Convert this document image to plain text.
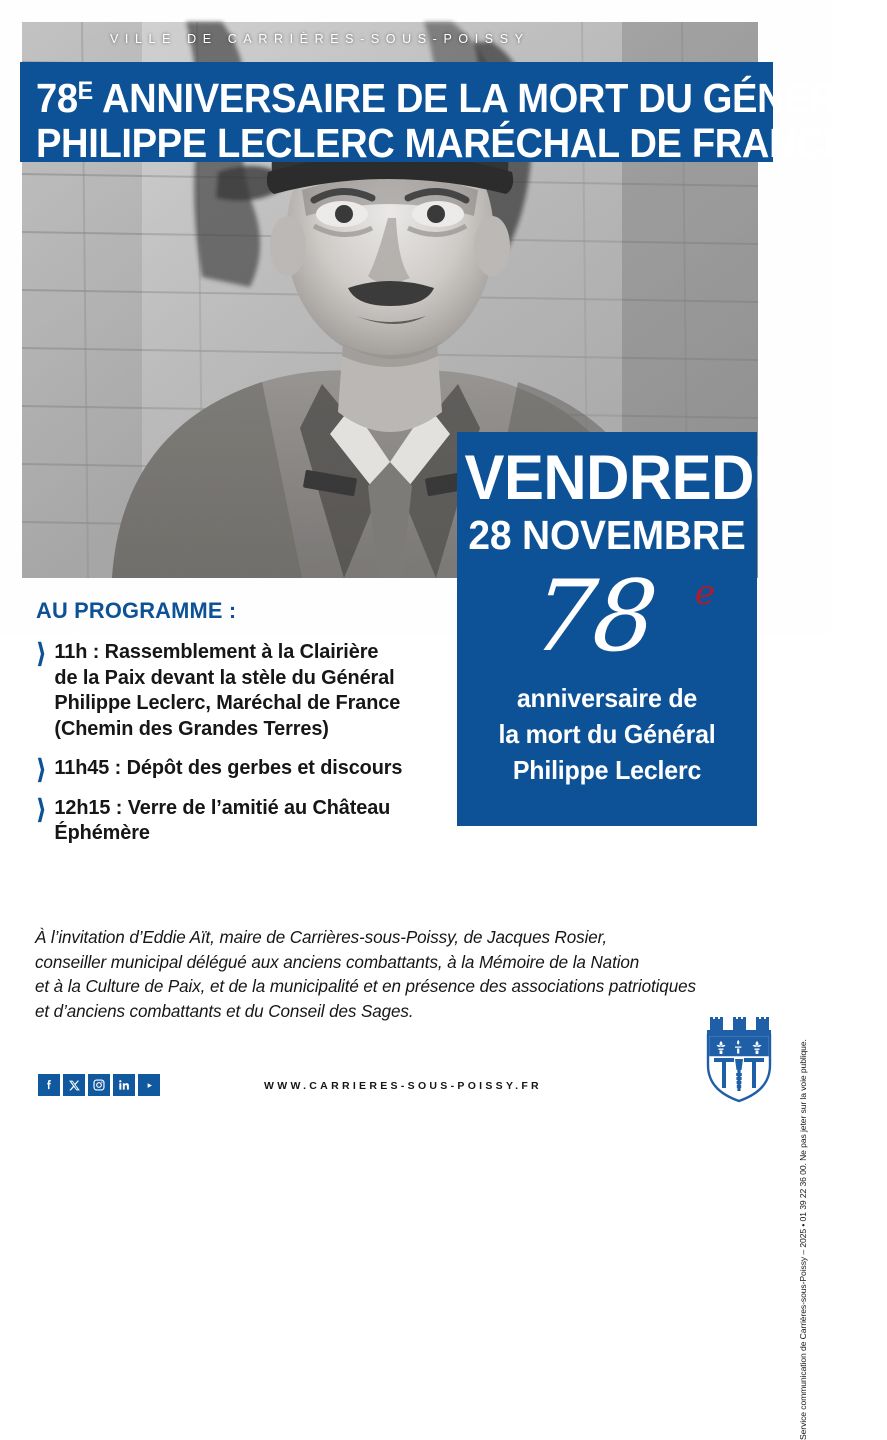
VILLE DE CARRIÈRES-SOUS-POISSY
$78^E$ ANNIVERSAIRE DE LA MORT DU GÉNÉRAL
PHILIPPE LECLERC MARÉCHAL DE FRANCE
VENDREDI
28 NOVEMBRE
78	e
anniversaire de
la mort du Général
Philippe Leclerc
AU PROGRAMME :
❱ 11h : Rassemblement à la Clairière
de la Paix devant la stèle du Général
Philippe Leclerc, Maréchal de France
(Chemin des Grandes Terres)
❱ 11h45 : Dépôt des gerbes et discours
❱ 12h15 : Verre de l’amitié au Château Éphémère
À l’invitation d’Eddie Aït, maire de Carrières-sous-Poissy, de Jacques Rosier,
conseiller municipal délégué aux anciens combattants, à la Mémoire de la Nation
et à la Culture de Paix, et de la municipalité et en présence des associations patriotiques
et d’anciens combattants et du Conseil des Sages.
Service communication de Carrières-sous-Poissy – 2025 • 01 39 22 36 00. Ne pas jeter sur la voie publique.
WWW.CARRIERES-SOUS-POISSY.FR
